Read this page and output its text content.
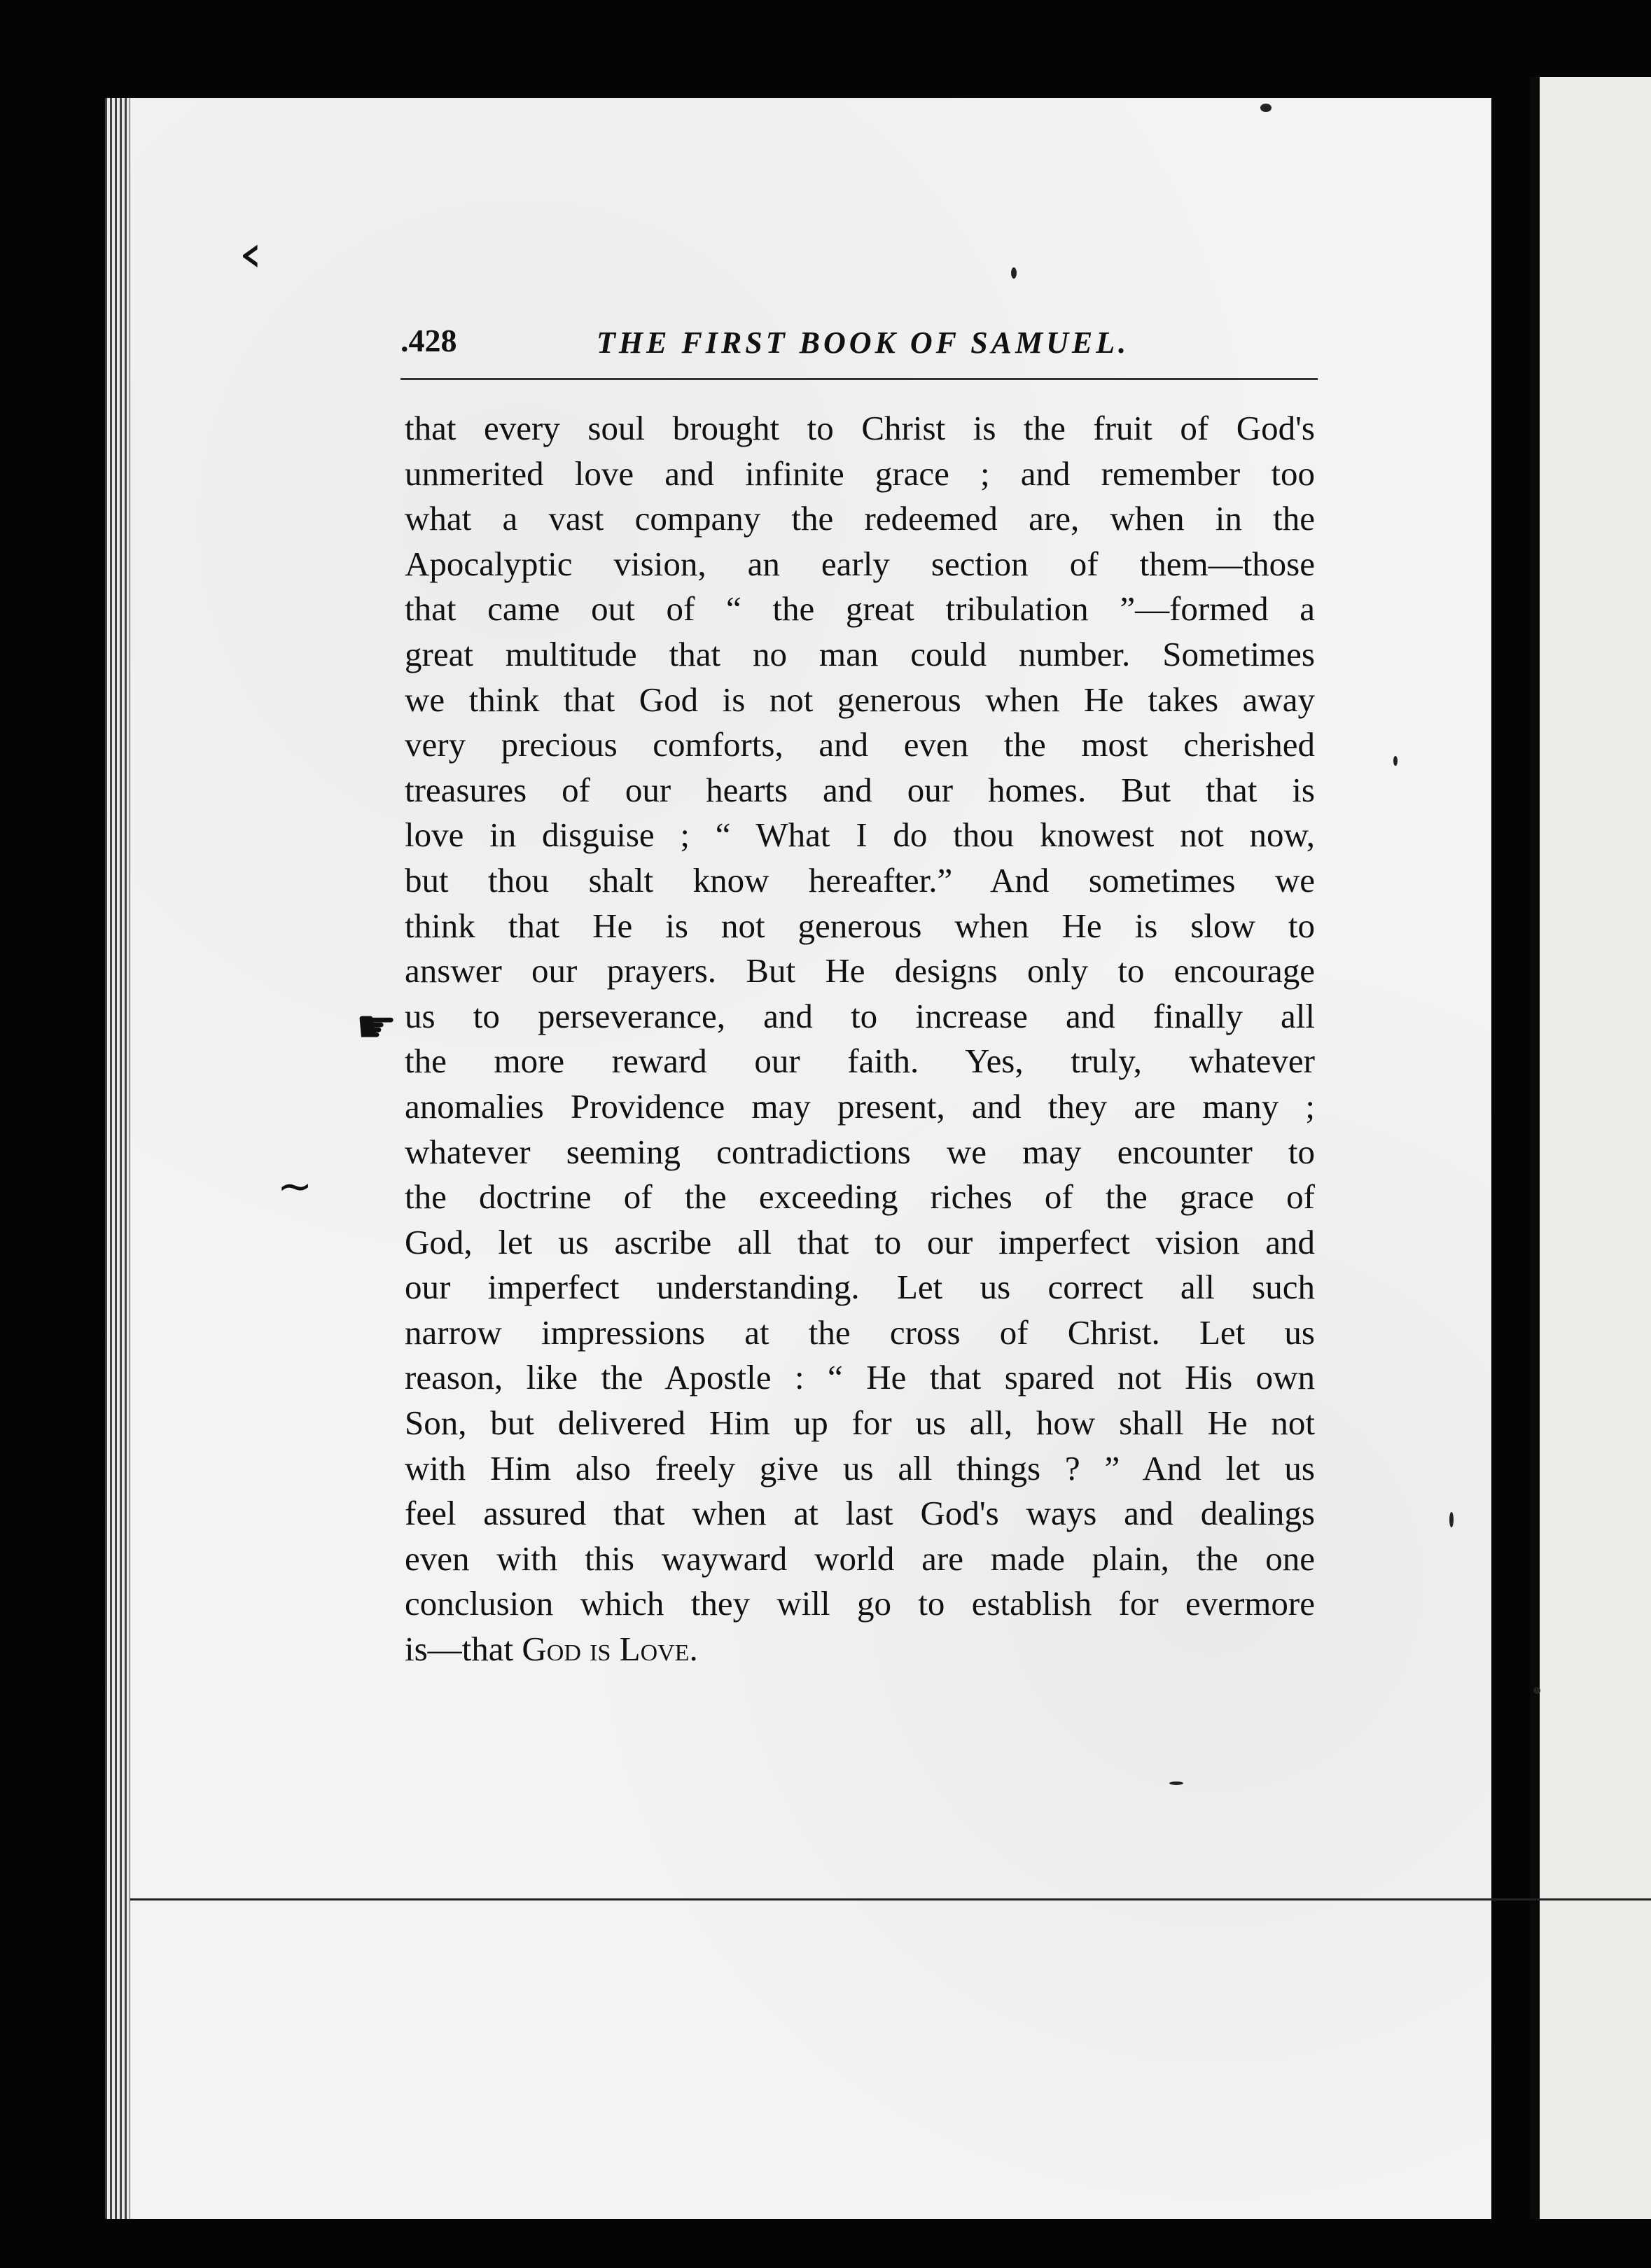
.428	THE FIRST BOOK OF SAMUEL.
that every soul brought to Christ is the fruit of God's
unmerited love and infinite grace ; and remember too
what a vast company the redeemed are, when in the
Apocalyptic vision, an early section of them—those
that came out of “ the great tribulation ”—formed a
great multitude that no man could number. Sometimes
we think that God is not generous when He takes away
very precious comforts, and even the most cherished
treasures of our hearts and our homes. But that is
love in disguise ; “ What I do thou knowest not now,
but thou shalt know hereafter.” And sometimes we
think that He is not generous when He is slow to
answer our prayers. But He designs only to encourage
us to perseverance, and to increase and finally all
the more reward our faith. Yes, truly, whatever
anomalies Providence may present, and they are many ;
whatever seeming contradictions we may encounter to
the doctrine of the exceeding riches of the grace of
God, let us ascribe all that to our imperfect vision and
our imperfect understanding. Let us correct all such
narrow impressions at the cross of Christ. Let us
reason, like the Apostle : “ He that spared not His own
Son, but delivered Him up for us all, how shall He not
with Him also freely give us all things ? ” And let us
feel assured that when at last God's ways and dealings
even with this wayward world are made plain, the one
conclusion which they will go to establish for evermore
is—that God is Love.
‹
☛
∼
